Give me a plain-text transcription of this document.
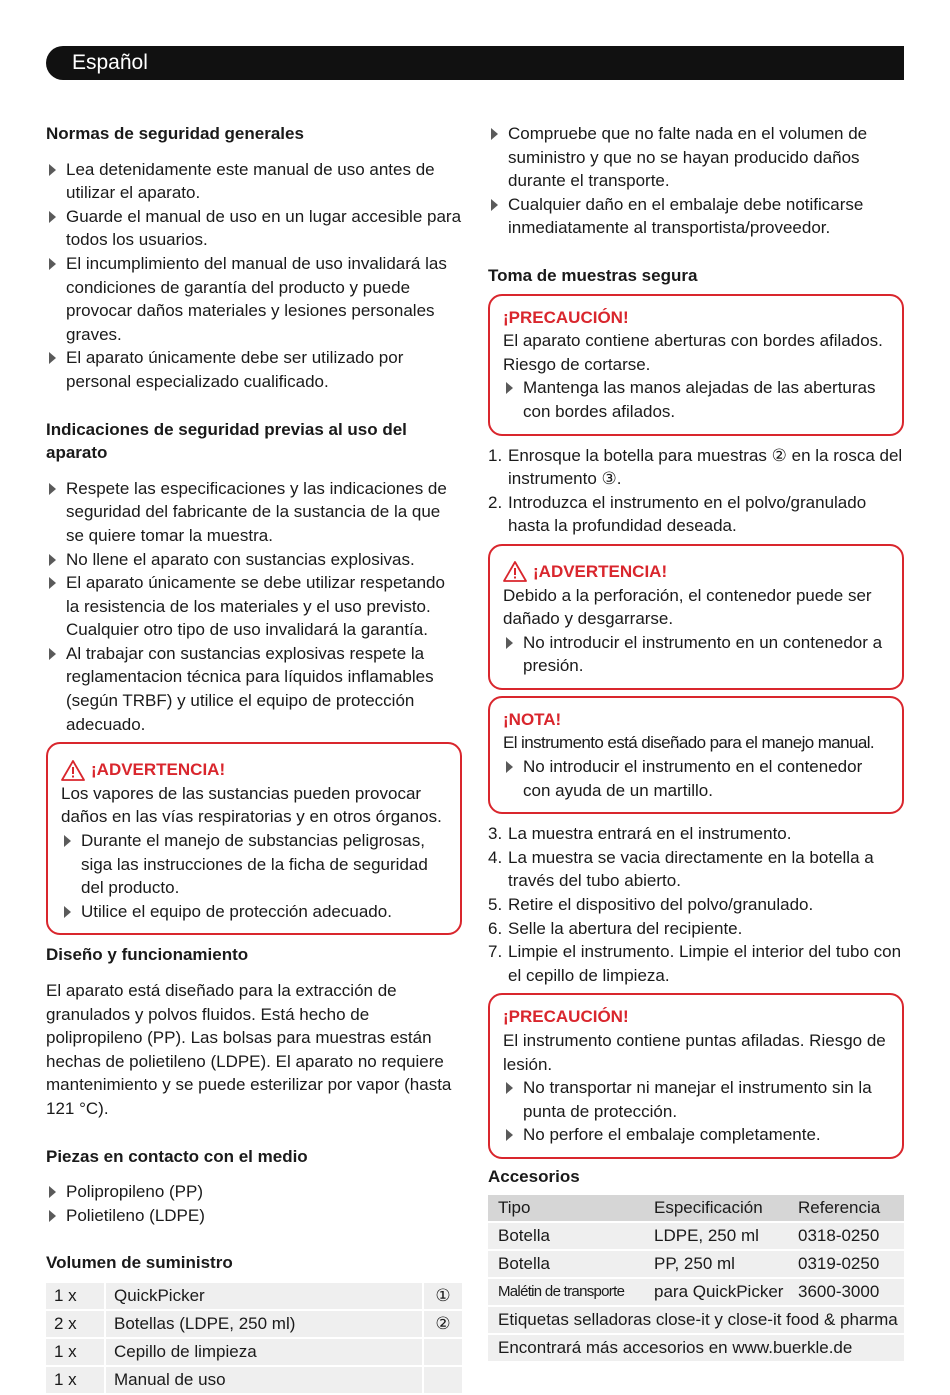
Español
Normas de seguridad generales
Lea detenidamente este manual de uso antes de utilizar el aparato.
Guarde el manual de uso en un lugar accesible para todos los usuarios.
El incumplimiento del manual de uso invalidará las condiciones de garantía del producto y puede provocar daños materiales y lesiones personales graves.
El aparato únicamente debe ser utilizado por personal especializado cualificado.
Indicaciones de seguridad previas al uso del aparato
Respete las especificaciones y las indicaciones de seguridad del fabricante de la sustancia de la que se quiere tomar la muestra.
No llene el aparato con sustancias explosivas.
El aparato únicamente se debe utilizar respetando la resistencia de los materiales y el uso previsto. Cualquier otro tipo de uso invalidará la garantía.
Al trabajar con sustancias explosivas respete la reglamentacion técnica para líquidos inflamables (según TRBF) y utilice el equipo de protección adecuado.
¡ADVERTENCIA!

Los vapores de las sustancias pueden provocar daños en las vías respiratorias y en otros órganos.

Durante el manejo de substancias peligrosas, siga las instrucciones de la ficha de seguridad del producto.
Utilice el equipo de protección adecuado.
Diseño y funcionamiento

El aparato está diseñado para la extracción de granulados y polvos fluidos. Está hecho de polipropileno (PP). Las bolsas para muestras están hechas de polietileno (LDPE). El aparato no requiere mantenimiento y se puede esterilizar por vapor (hasta 121 °C).

Piezas en contacto con el medio
Polipropileno (PP)
Polietileno (LDPE)
Volumen de suministro
1 x	QuickPicker	①
2 x	Botellas (LDPE, 250 ml)	②
1 x	Cepillo de limpieza	
1 x	Manual de uso	
Compruebe que no falte nada en el volumen de suministro y que no se hayan producido daños durante el transporte.
Cualquier daño en el embalaje debe notificarse inmediatamente al transportista/proveedor.
Toma de muestras segura
¡PRECAUCIÓN!

El aparato contiene aberturas con bordes afilados. Riesgo de cortarse.

Mantenga las manos alejadas de las aberturas con bordes afilados.
1. Enrosque la botella para muestras ② en la rosca del instrumento ③.
2. Introduzca el instrumento en el polvo/granulado hasta la profundidad deseada.
¡ADVERTENCIA!

Debido a la perforación, el contenedor puede ser dañado y desgarrarse.

No introducir el instrumento en un contenedor a presión.
¡NOTA!

El instrumento está diseñado para el manejo manual.

No introducir el instrumento en el contenedor con ayuda de un martillo.
3. La muestra entrará en el instrumento.
4. La muestra se vacia directamente en la botella a través del tubo abierto.
5. Retire el dispositivo del polvo/granulado.
6. Selle la abertura del recipiente.
7. Limpie el instrumento. Limpie el interior del tubo con el cepillo de limpieza.
¡PRECAUCIÓN!

El instrumento contiene puntas afiladas. Riesgo de lesión.

No transportar ni manejar el instrumento sin la punta de protección.
No perfore el embalaje completamente.
Accesorios
Tipo	Especificación	Referencia
Botella	LDPE, 250 ml	0318-0250
Botella	PP, 250 ml	0319-0250
Malétin de transporte	para QuickPicker 3600-3000
Etiquetas selladoras close-it y close-it food & pharma
Encontrará más accesorios en www.buerkle.de
